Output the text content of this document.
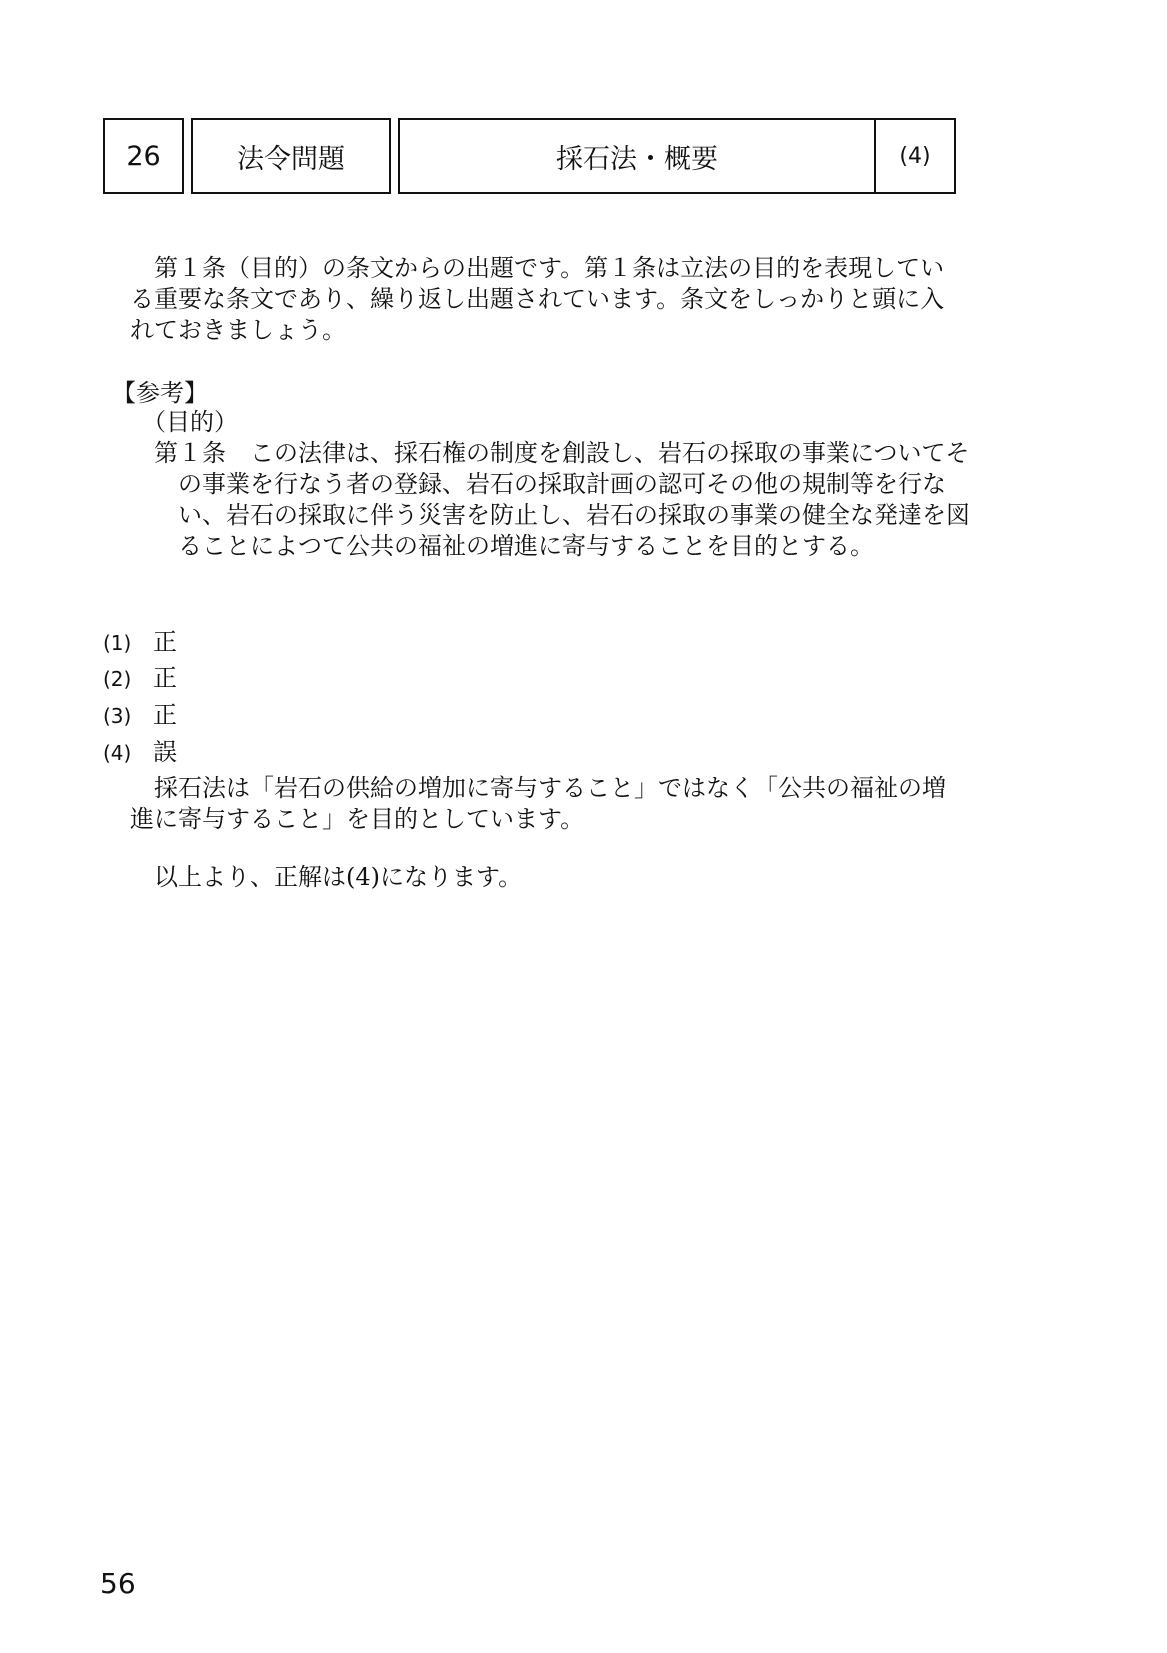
26	法令問題	採石法・概要	(4)
第１条（目的）の条文からの出題です。第１条は立法の目的を表現している重要な条文であり、繰り返し出題されています。条文をしっかりと頭に入れておきましょう。
【参考】
（目的）
第１条　この法律は、採石権の制度を創設し、岩石の採取の事業についてその事業を行なう者の登録、岩石の採取計画の認可その他の規制等を行ない、岩石の採取に伴う災害を防止し、岩石の採取の事業の健全な発達を図ることによつて公共の福祉の増進に寄与することを目的とする。
(1) 正
(2) 正
(3) 正
(4) 誤
採石法は「岩石の供給の増加に寄与すること」ではなく「公共の福祉の増進に寄与すること」を目的としています。
以上より、正解は(4)になります。
56
